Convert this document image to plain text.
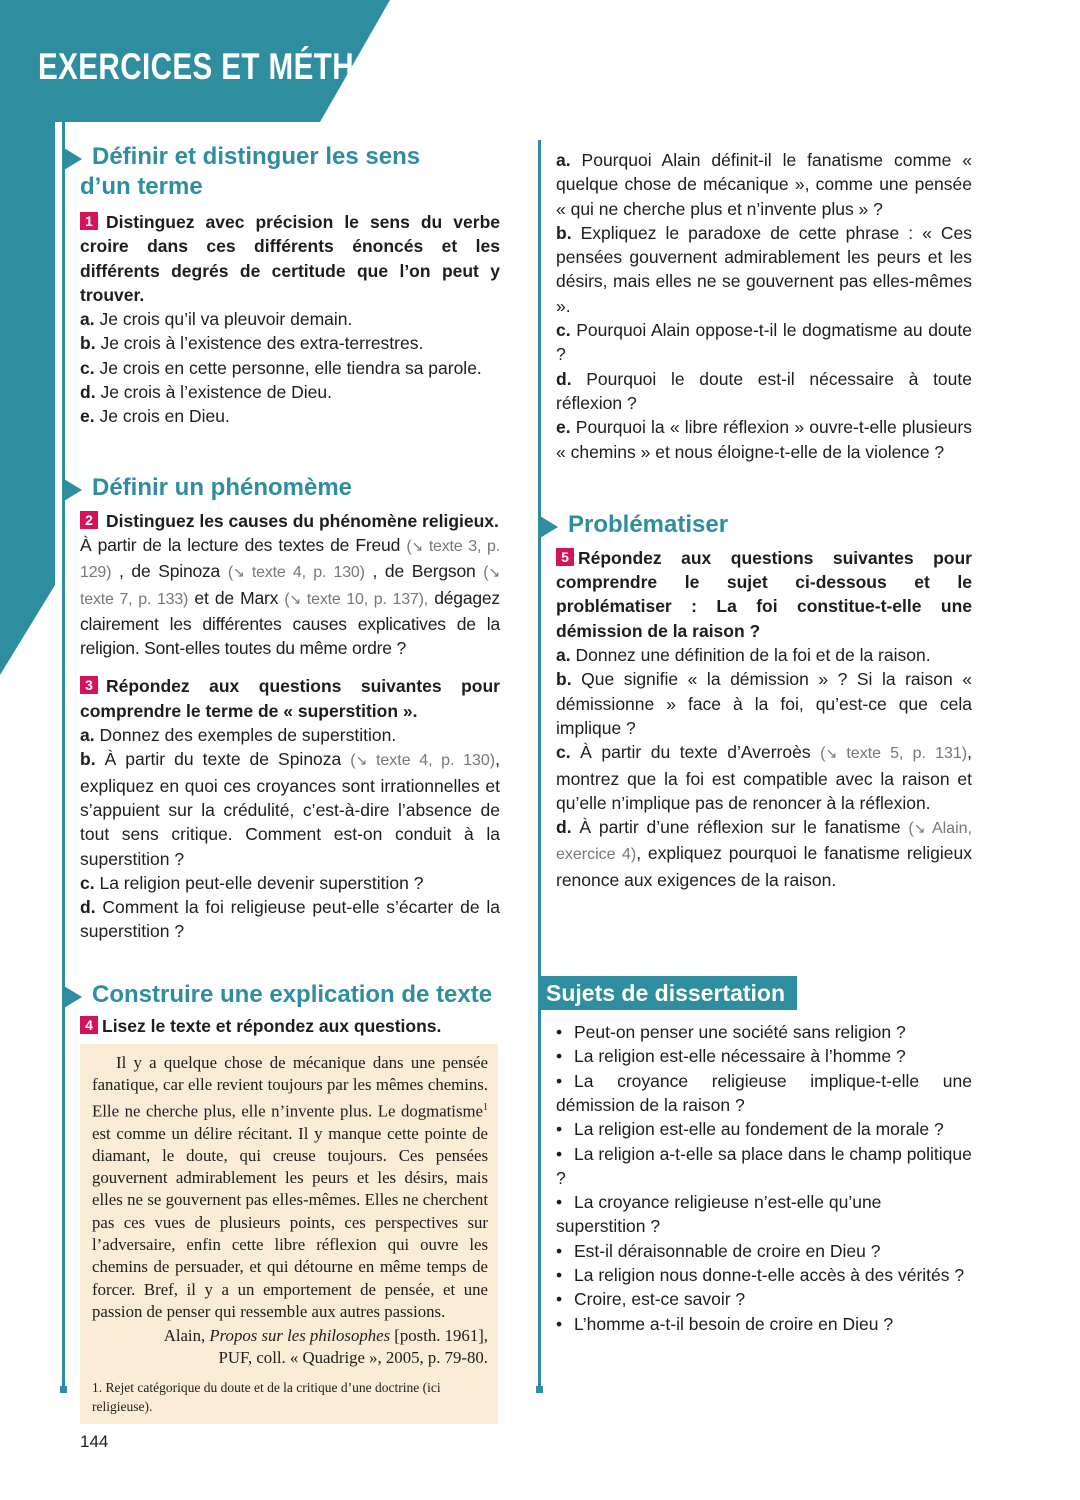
EXERCICES ET MÉTHODES
Définir et distinguer les sens
d’un terme

1 Distinguez avec précision le sens du verbe croire dans ces différents énoncés et les différents degrés de certitude que l’on peut y trouver.

a. Je crois qu’il va pleuvoir demain.

b. Je crois à l’existence des extra-terrestres.

c. Je crois en cette personne, elle tiendra sa parole.

d. Je crois à l’existence de Dieu.

e. Je crois en Dieu.

Définir un phénomème

2 Distinguez les causes du phénomène religieux.

À partir de la lecture des textes de Freud (↘ texte 3, p. 129) , de Spinoza (↘ texte 4, p. 130) , de Bergson (↘ texte 7, p. 133) et de Marx (↘ texte 10, p. 137), dégagez clairement les différentes causes explicatives de la religion. Sont-elles toutes du même ordre ?

3 Répondez aux questions suivantes pour comprendre le terme de « superstition ».

a. Donnez des exemples de superstition.

b. À partir du texte de Spinoza (↘ texte 4, p. 130), expliquez en quoi ces croyances sont irrationnelles et s’appuient sur la crédulité, c’est-à-dire l’absence de tout sens critique. Comment est-on conduit à la superstition ?

c. La religion peut-elle devenir superstition ?

d. Comment la foi religieuse peut-elle s’écarter de la superstition ?

Construire une explication de texte

4 Lisez le texte et répondez aux questions.

Il y a quelque chose de mécanique dans une pensée fanatique, car elle revient toujours par les mêmes chemins. Elle ne cherche plus, elle n’invente plus. Le dogmatisme$^1$ est comme un délire récitant. Il y manque cette pointe de diamant, le doute, qui creuse toujours. Ces pensées gouvernent admirablement les peurs et les désirs, mais elles ne se gouvernent pas elles-mêmes. Elles ne cherchent pas ces vues de plusieurs points, ces perspectives sur l’adversaire, enfin cette libre réflexion qui ouvre les chemins de persuader, et qui détourne en même temps de forcer. Bref, il y a un emportement de pensée, et une passion de penser qui ressemble aux autres passions.

Alain, Propos sur les philosophes [posth. 1961],
PUF, coll. « Quadrige », 2005, p. 79-80.

1. Rejet catégorique du doute et de la critique d’une doctrine (ici religieuse).

a. Pourquoi Alain définit-il le fanatisme comme « quelque chose de mécanique », comme une pensée « qui ne cherche plus et n’invente plus » ?

b. Expliquez le paradoxe de cette phrase : « Ces pensées gouvernent admirablement les peurs et les désirs, mais elles ne se gouvernent pas elles-mêmes ».

c. Pourquoi Alain oppose-t-il le dogmatisme au doute ?

d. Pourquoi le doute est-il nécessaire à toute réflexion ?

e. Pourquoi la « libre réflexion » ouvre-t-elle plusieurs « chemins » et nous éloigne-t-elle de la violence ?

Problématiser

5 Répondez aux questions suivantes pour comprendre le sujet ci-dessous et le problématiser : La foi constitue-t-elle une démission de la raison ?

a. Donnez une définition de la foi et de la raison.

b. Que signifie « la démission » ? Si la raison « démissionne » face à la foi, qu’est-ce que cela implique ?

c. À partir du texte d’Averroès (↘ texte 5, p. 131), montrez que la foi est compatible avec la raison et qu’elle n’implique pas de renoncer à la réflexion.

d. À partir d’une réflexion sur le fanatisme (↘ Alain, exercice 4), expliquez pourquoi le fanatisme religieux renonce aux exigences de la raison.

Sujets de dissertation
• Peut-on penser une société sans religion ?
• La religion est-elle nécessaire à l’homme ?
• La croyance religieuse implique-t-elle une démission de la raison ?
• La religion est-elle au fondement de la morale ?
• La religion a-t-elle sa place dans le champ politique ?
• La croyance religieuse n’est-elle qu’une superstition ?
• Est-il déraisonnable de croire en Dieu ?
• La religion nous donne-t-elle accès à des vérités ?
• Croire, est-ce savoir ?
• L’homme a-t-il besoin de croire en Dieu ?
144
